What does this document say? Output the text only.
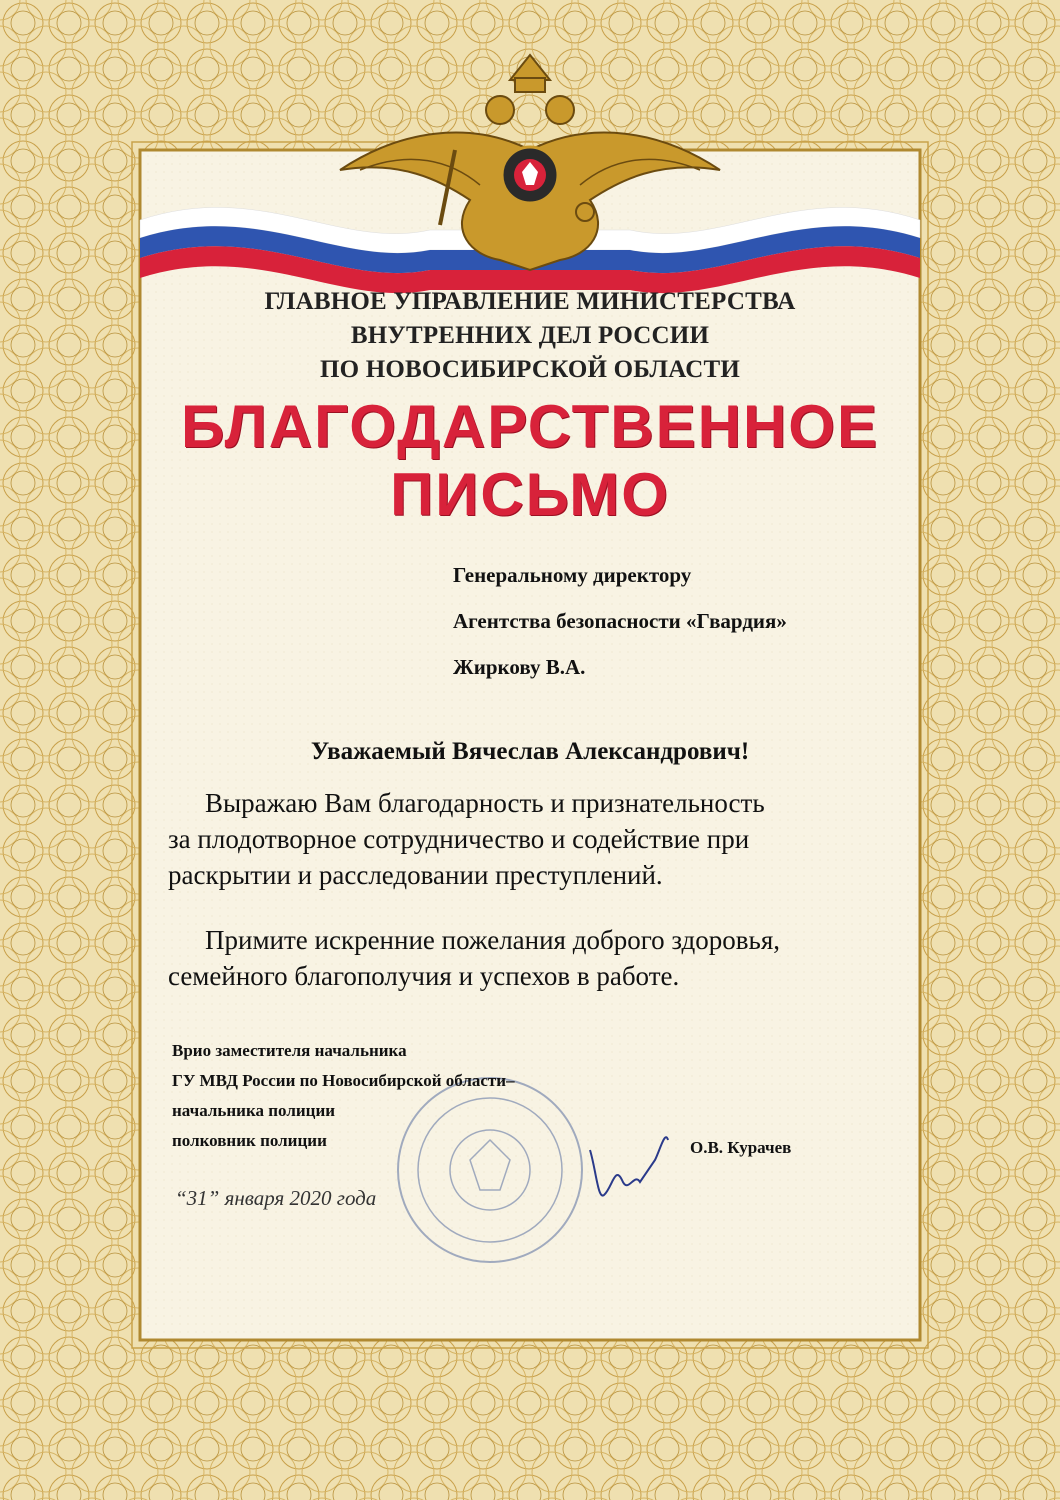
ГЛАВНОЕ УПРАВЛЕНИЕ МИНИСТЕРСТВА
ВНУТРЕННИХ ДЕЛ РОССИИ
ПО НОВОСИБИРСКОЙ ОБЛАСТИ
БЛАГОДАРСТВЕННОЕ
ПИСЬМО
Генеральному директору
Агентства безопасности «Гвардия»
Жиркову В.А.
Уважаемый Вячеслав Александрович!
Выражаю Вам благодарность и признательность
за плодотворное сотрудничество и содействие при
раскрытии и расследовании преступлений.
Примите искренние пожелания доброго здоровья,
семейного благополучия и успехов в работе.
Врио заместителя начальника
ГУ МВД России по Новосибирской области–
начальника полиции
полковник полиции	О.В. Курачев
“31” января 2020 года
